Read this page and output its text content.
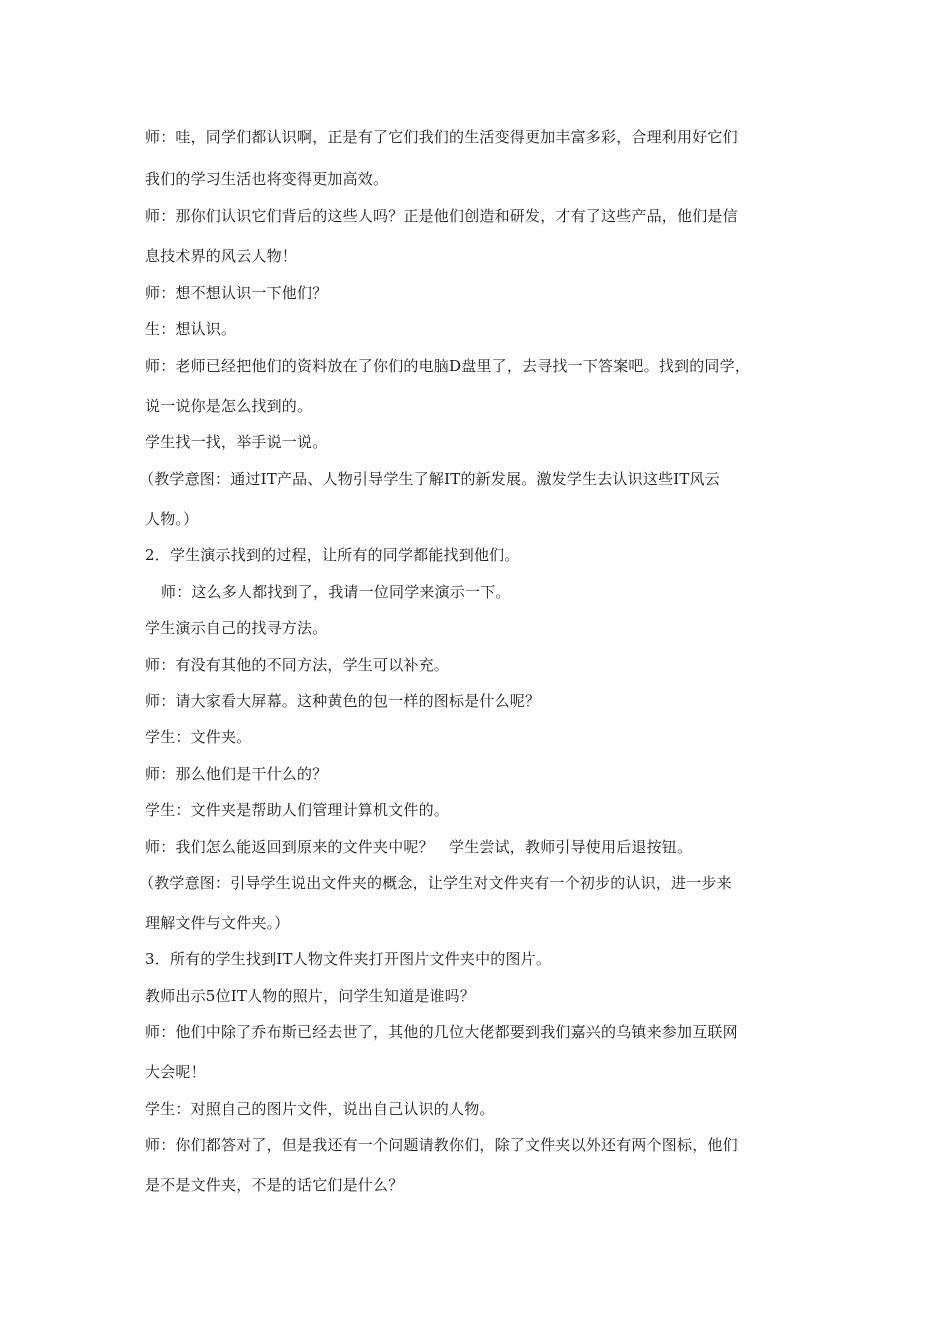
师：哇，同学们都认识啊，正是有了它们我们的生活变得更加丰富多彩，合理利用好它们
我们的学习生活也将变得更加高效。
师：那你们认识它们背后的这些人吗？正是他们创造和研发，才有了这些产品，他们是信
息技术界的风云人物！
师：想不想认识一下他们？
生：想认识。
师：老师已经把他们的资料放在了你们的电脑D盘里了，去寻找一下答案吧。找到的同学，
说一说你是怎么找到的。
学生找一找，举手说一说。
（教学意图：通过IT产品、人物引导学生了解IT的新发展。激发学生去认识这些IT风云
人物。）
2．学生演示找到的过程，让所有的同学都能找到他们。
师：这么多人都找到了，我请一位同学来演示一下。
学生演示自己的找寻方法。
师：有没有其他的不同方法，学生可以补充。
师：请大家看大屏幕。这种黄色的包一样的图标是什么呢？
学生：文件夹。
师：那么他们是干什么的？
学生：文件夹是帮助人们管理计算机文件的。
师：我们怎么能返回到原来的文件夹中呢？　学生尝试，教师引导使用后退按钮。
（教学意图：引导学生说出文件夹的概念，让学生对文件夹有一个初步的认识，进一步来
理解文件与文件夹。）
3．所有的学生找到IT人物文件夹打开图片文件夹中的图片。
教师出示5位IT人物的照片，问学生知道是谁吗？
师：他们中除了乔布斯已经去世了，其他的几位大佬都要到我们嘉兴的乌镇来参加互联网
大会呢！
学生：对照自己的图片文件，说出自己认识的人物。
师：你们都答对了，但是我还有一个问题请教你们，除了文件夹以外还有两个图标，他们
是不是文件夹，不是的话它们是什么？
